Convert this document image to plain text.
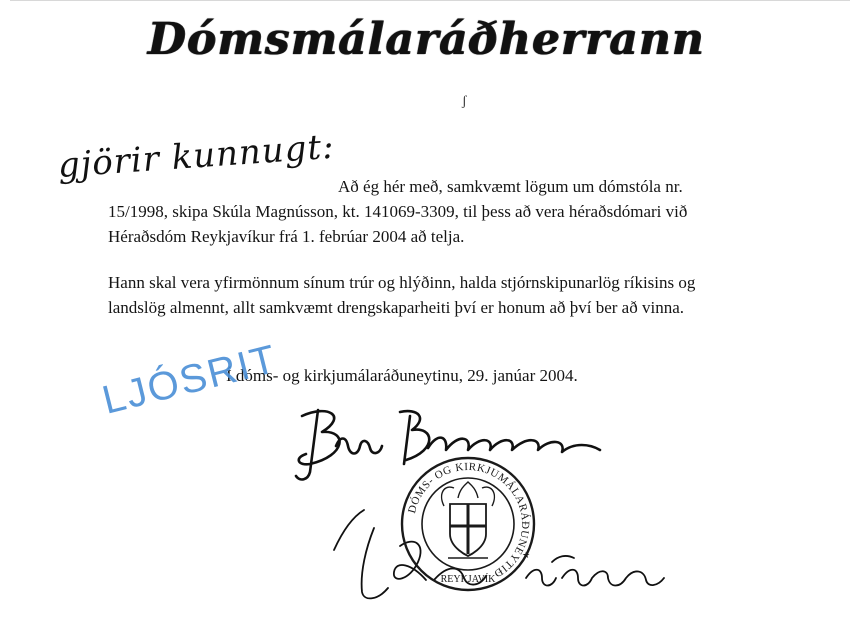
Dómsmálaráðherrann
ʃ
gjörir kunnugt:
Að ég hér með, samkvæmt lögum um dómstóla nr.
15/1998, skipa Skúla Magnússon, kt. 141069-3309, til þess að vera héraðsdómari við
Héraðsdóm Reykjavíkur frá 1. febrúar 2004 að telja.
Hann skal vera yfirmönnum sínum trúr og hlýðinn, halda stjórnskipunarlög ríkisins og
landslög almennt, allt samkvæmt drengskaparheiti því er honum að því ber að vinna.
Í dóms- og kirkjumálaráðuneytinu, 29. janúar 2004.
LJÓSRIT
DÓMS- OG KIRKJUMÁLARÁÐUNEYTIÐ
REYKJAVÍK
★
